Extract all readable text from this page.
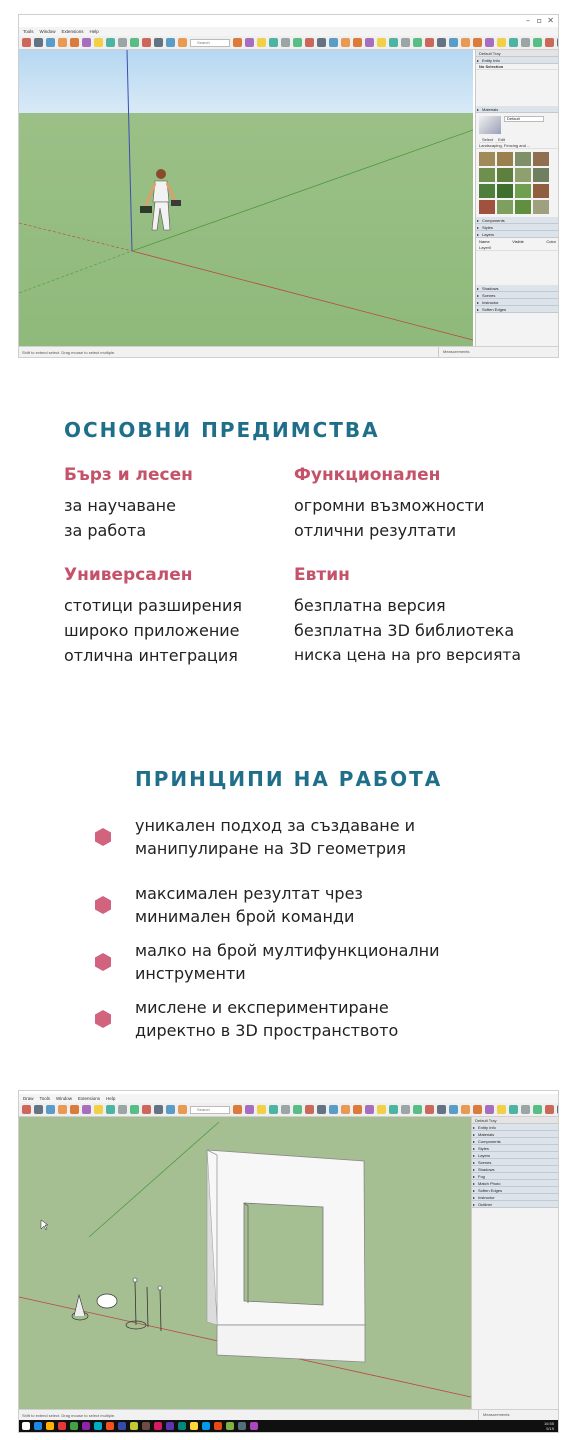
– ▫ ✕
Tools Window Extensions Help
Search
Default Tray
▸ Entity Info
No Selection
▸ Materials
Default
Select	Edit
Landscaping, Fencing and ...
▸ Components
▸ Styles
▸ Layers
Name	Visible	Color
Layer0
▸ Shadows
▸ Scenes
▸ Instructor
▸ Soften Edges
Shift to extend select. Drag mouse to select multiple.	Measurements
ОСНОВНИ ПРЕДИМСТВА
Бърз и лесен
за научаване
за работа
Функционален
огромни възможности
отлични резултати
Универсален
стотици разширения
широко приложение
отлична интеграция
Евтин
безплатна версия
безплатна 3D библиотека
ниска цена на pro версията
ПРИНЦИПИ НА РАБОТА
уникален подход за създаване и
манипулиране на 3D геометрия
максимален резултат чрез
минимален брой команди
малко на брой мултифункционални
инструменти
мислене и експериментиране
директно в 3D пространството
Draw Tools Window Extensions Help
Search
Default Tray
▸ Entity Info
▸ Materials
▸ Components
▸ Styles
▸ Layers
▸ Scenes
▸ Shadows
▸ Fog
▸ Match Photo
▸ Soften Edges
▸ Instructor
▸ Outliner
Shift to extend select. Drag mouse to select multiple.	Measurements
16:55
5/19
